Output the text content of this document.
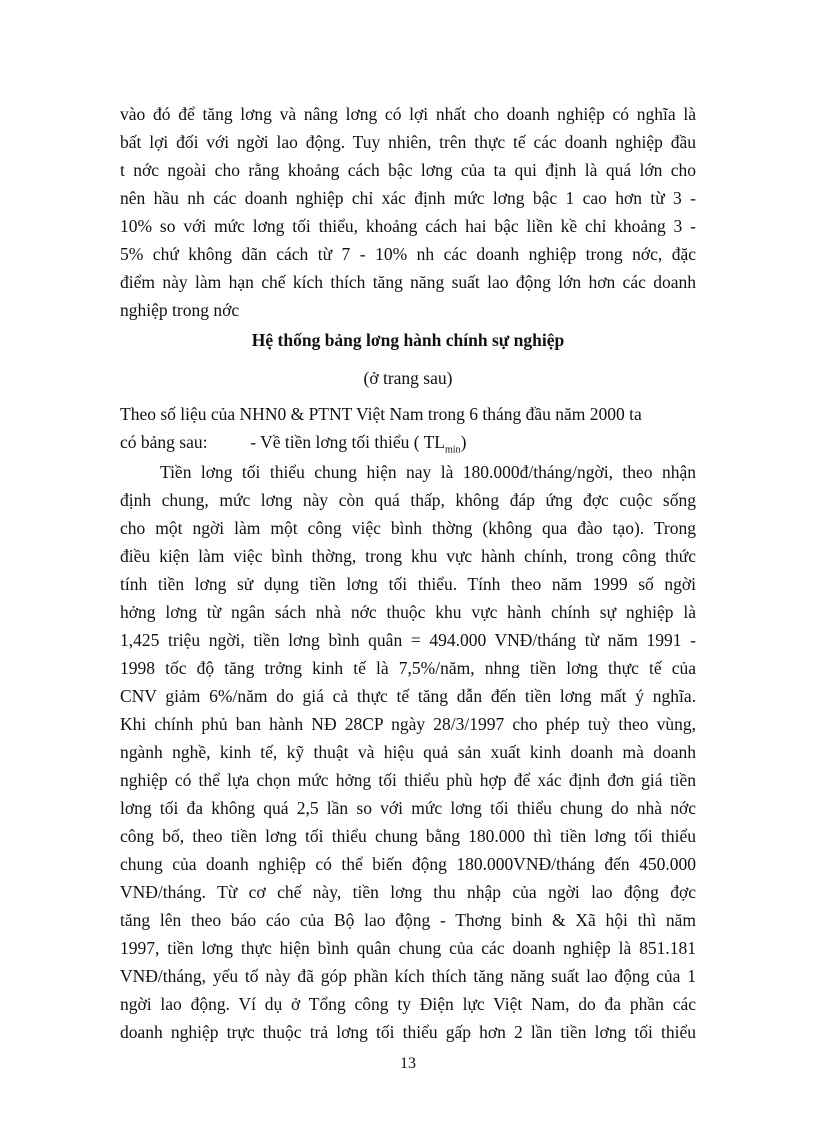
vào đó để tăng lơng và nâng lơng có lợi nhất cho doanh nghiệp có nghĩa là
bất lợi đối với ngời lao động. Tuy nhiên, trên thực tế các doanh nghiệp đầu
t nớc ngoài cho rằng khoảng cách bậc lơng của ta qui định là quá lớn cho
nên hầu nh các doanh nghiệp chỉ xác định mức lơng bậc 1 cao hơn từ 3 -
10% so với mức lơng tối thiểu, khoảng cách hai bậc liền kề chỉ khoảng 3 -
5% chứ không dãn cách từ 7 - 10% nh các doanh nghiệp trong nớc, đặc
điểm này làm hạn chế kích thích tăng năng suất lao động lớn hơn các doanh
nghiệp trong nớc
Hệ thống bảng lơng hành chính sự nghiệp
(ở trang sau)
Theo số liệu của NHN0 & PTNT Việt Nam trong 6 tháng đầu năm 2000 ta
có bảng sau: - Về tiền lơng tối thiểu ( $TL_{min}$)
Tiền lơng tối thiểu chung hiện nay là 180.000đ/tháng/ngời, theo nhận
định chung, mức lơng này còn quá thấp, không đáp ứng đợc cuộc sống
cho một ngời làm một công việc bình thờng (không qua đào tạo). Trong
điều kiện làm việc bình thờng, trong khu vực hành chính, trong công thức
tính tiền lơng sử dụng tiền lơng tối thiểu. Tính theo năm 1999 số ngời
hởng lơng từ ngân sách nhà nớc thuộc khu vực hành chính sự nghiệp là
1,425 triệu ngời, tiền lơng bình quân = 494.000 VNĐ/tháng từ năm 1991 -
1998 tốc độ tăng trởng kinh tế là 7,5%/năm, nhng tiền lơng thực tế của
CNV giảm 6%/năm do giá cả thực tế tăng dẫn đến tiền lơng mất ý nghĩa.
Khi chính phủ ban hành NĐ 28CP ngày 28/3/1997 cho phép tuỳ theo vùng,
ngành nghề, kinh tế, kỹ thuật và hiệu quả sản xuất kinh doanh mà doanh
nghiệp có thể lựa chọn mức hởng tối thiểu phù hợp để xác định đơn giá tiền
lơng tối đa không quá 2,5 lần so với mức lơng tối thiểu chung do nhà nớc
công bố, theo tiền lơng tối thiểu chung bằng 180.000 thì tiền lơng tối thiểu
chung của doanh nghiệp có thể biến động 180.000VNĐ/tháng đến 450.000
VNĐ/tháng. Từ cơ chế này, tiền lơng thu nhập của ngời lao động đợc
tăng lên theo báo cáo của Bộ lao động - Thơng binh & Xã hội thì năm
1997, tiền lơng thực hiện bình quân chung của các doanh nghiệp là 851.181
VNĐ/tháng, yếu tố này đã góp phần kích thích tăng năng suất lao động của 1
ngời lao động. Ví dụ ở Tổng công ty Điện lực Việt Nam, do đa phần các
doanh nghiệp trực thuộc trả lơng tối thiểu gấp hơn 2 lần tiền lơng tối thiểu
13
